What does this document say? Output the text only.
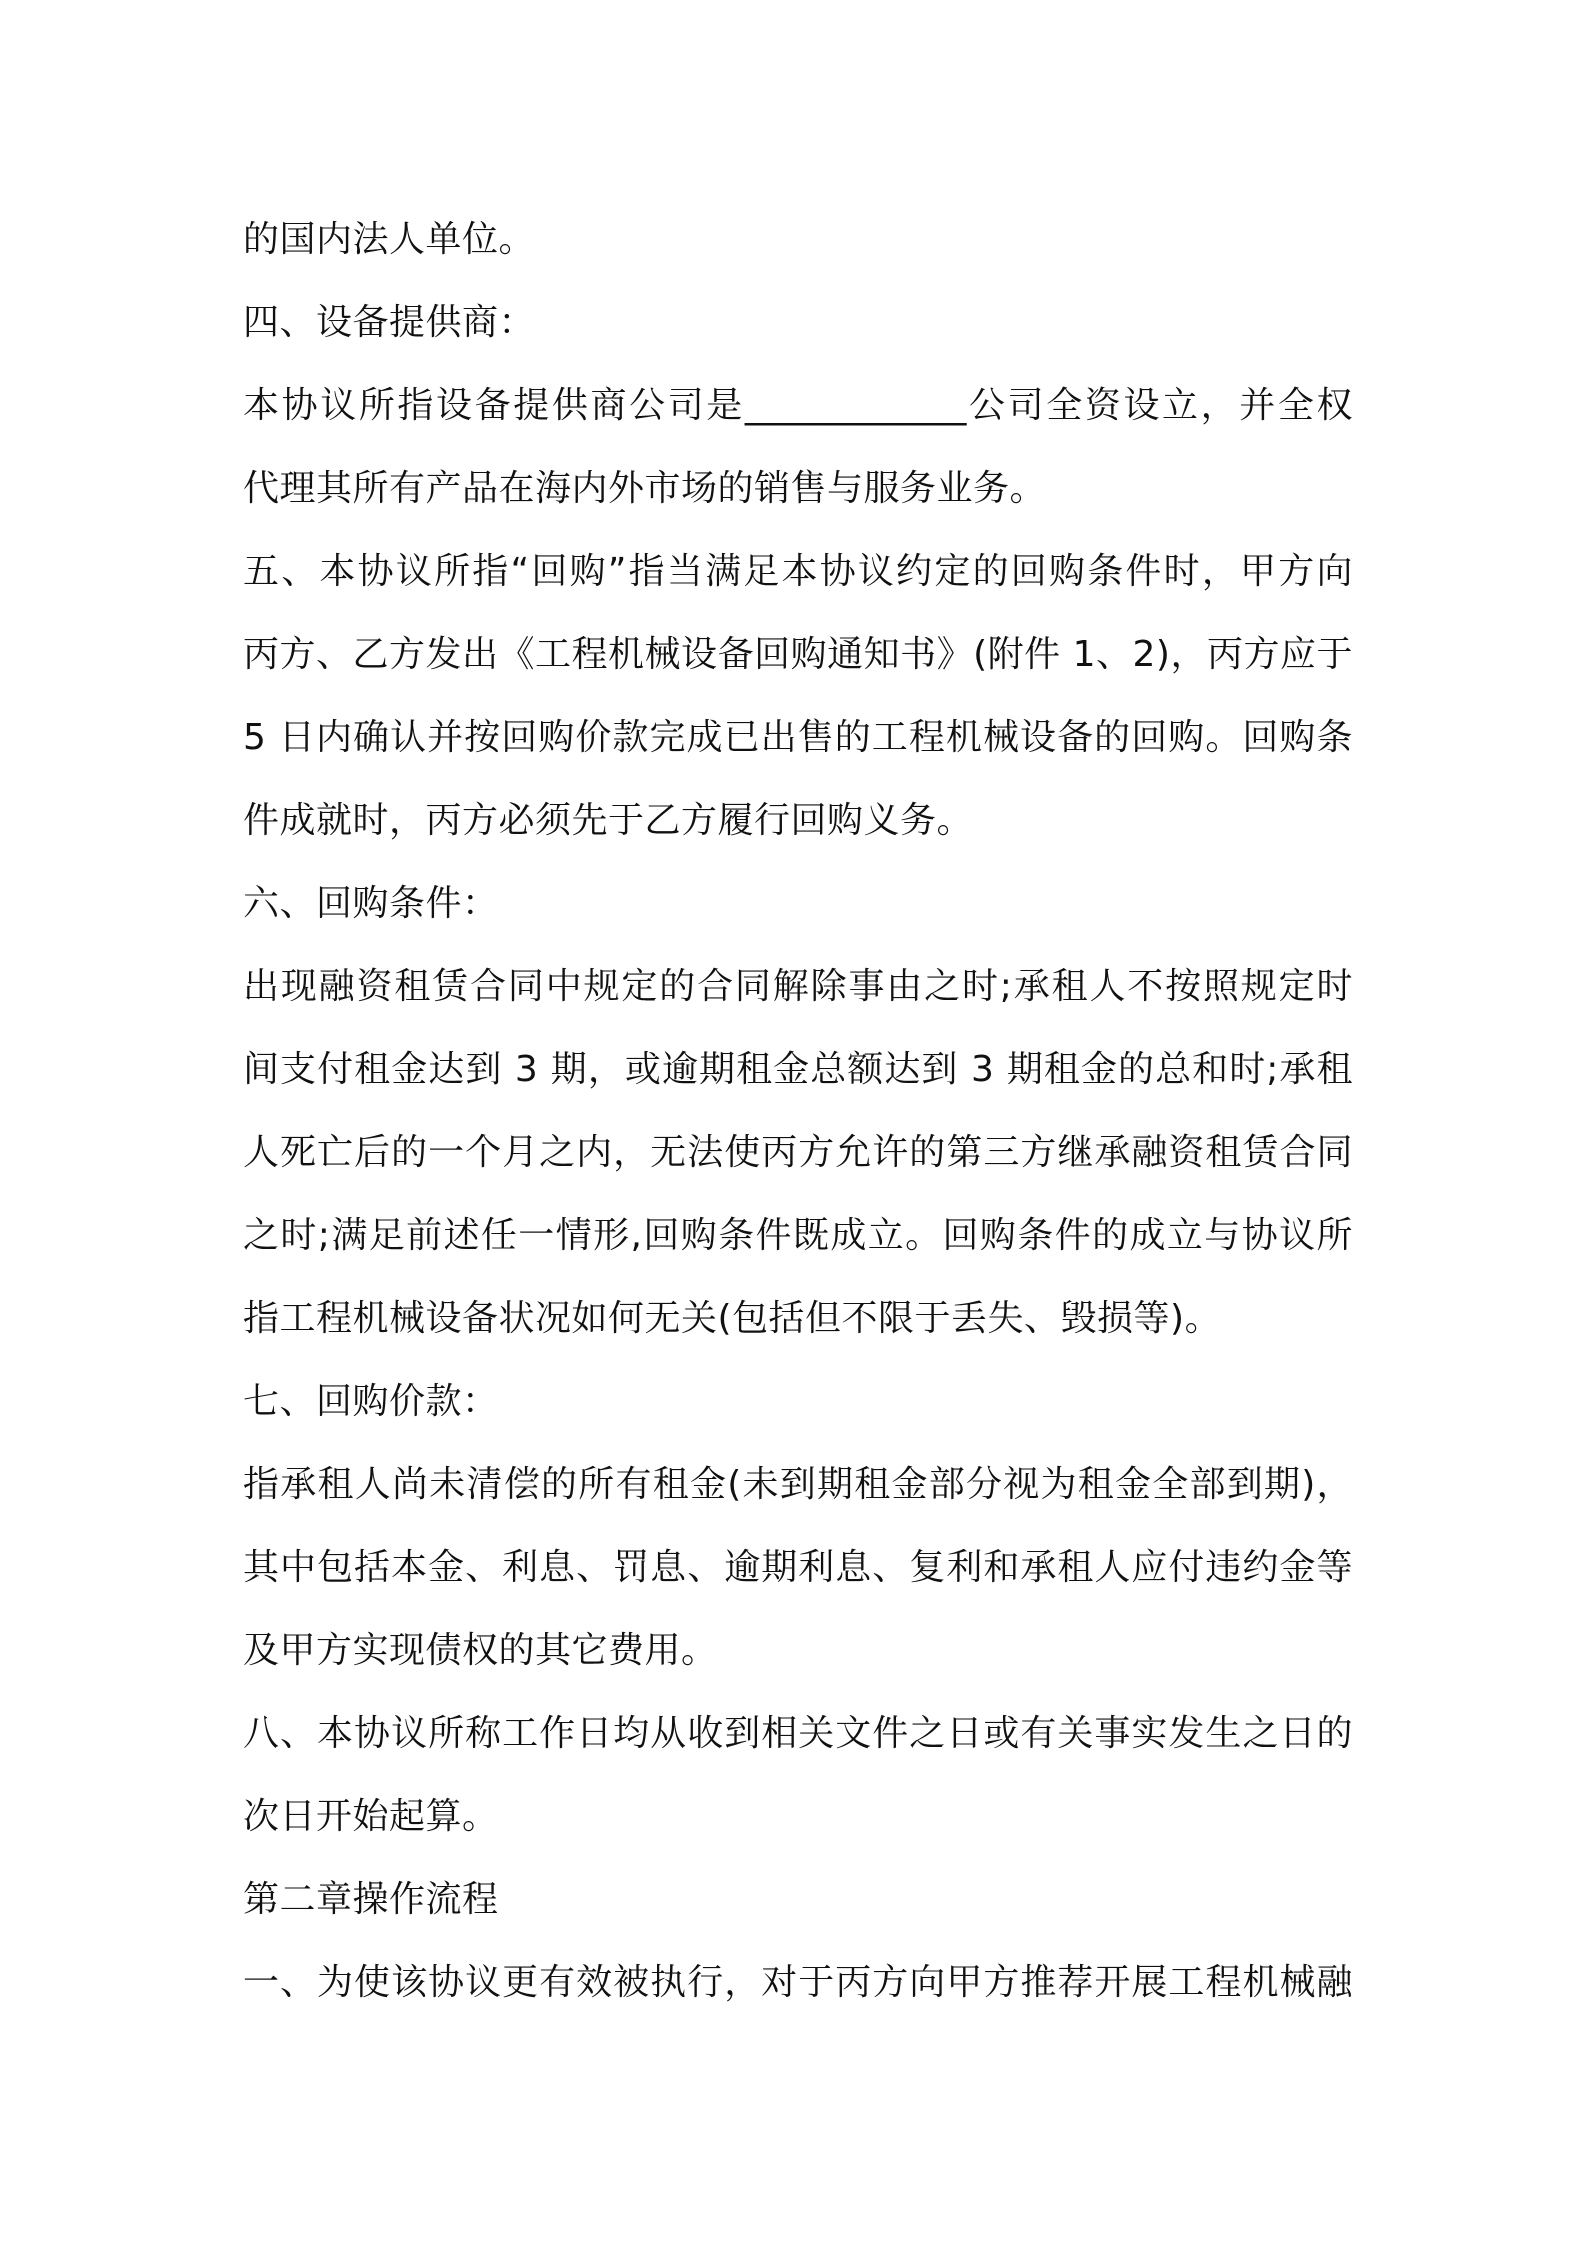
的国内法人单位。
四、设备提供商：
本协议所指设备提供商公司是____________公司全资设立，并全权
代理其所有产品在海内外市场的销售与服务业务。
五、本协议所指“回购”指当满足本协议约定的回购条件时，甲方向
丙方、乙方发出《工程机械设备回购通知书》(附件 1、2)，丙方应于
5 日内确认并按回购价款完成已出售的工程机械设备的回购。回购条
件成就时，丙方必须先于乙方履行回购义务。
六、回购条件：
出现融资租赁合同中规定的合同解除事由之时;承租人不按照规定时
间支付租金达到 3 期，或逾期租金总额达到 3 期租金的总和时;承租
人死亡后的一个月之内，无法使丙方允许的第三方继承融资租赁合同
之时;满足前述任一情形,回购条件既成立。回购条件的成立与协议所
指工程机械设备状况如何无关(包括但不限于丢失、毁损等)。
七、回购价款：
指承租人尚未清偿的所有租金(未到期租金部分视为租金全部到期)，
其中包括本金、利息、罚息、逾期利息、复利和承租人应付违约金等
及甲方实现债权的其它费用。
八、本协议所称工作日均从收到相关文件之日或有关事实发生之日的
次日开始起算。
第二章操作流程
一、为使该协议更有效被执行，对于丙方向甲方推荐开展工程机械融
